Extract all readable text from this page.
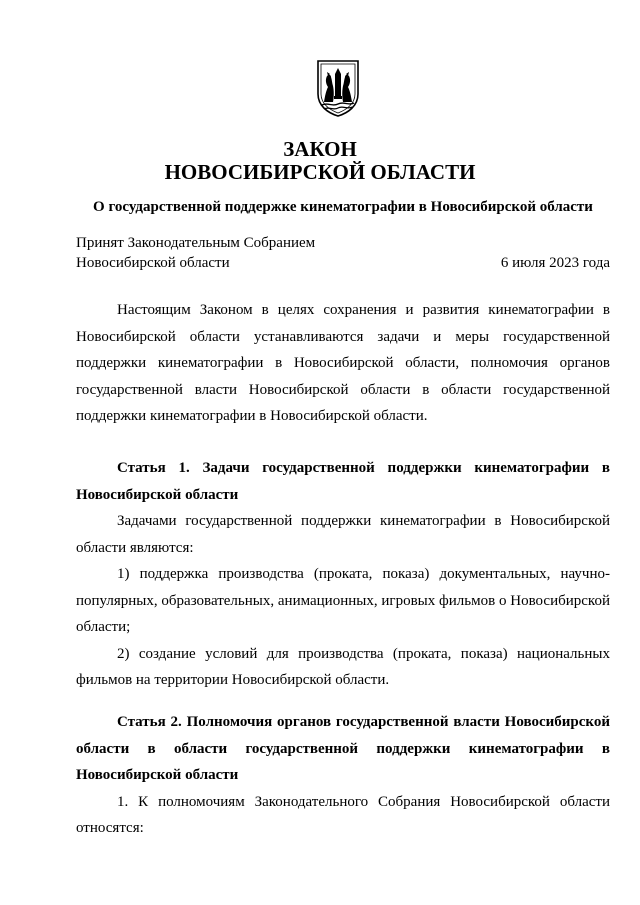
ЗАКОН
НОВОСИБИРСКОЙ ОБЛАСТИ

О государственной поддержке кинематографии в Новосибирской области

Принят Законодательным Собранием
Новосибирской области	6 июля 2023 года

Настоящим Законом в целях сохранения и развития кинематографии в Новосибирской области устанавливаются задачи и меры государственной поддержки кинематографии в Новосибирской области, полномочия органов государственной власти Новосибирской области в области государственной поддержки кинематографии в Новосибирской области.

Статья 1. Задачи государственной поддержки кинематографии в Новосибирской области

Задачами государственной поддержки кинематографии в Новосибирской области являются:

1) поддержка производства (проката, показа) документальных, научно-популярных, образовательных, анимационных, игровых фильмов о Новосибирской области;

2) создание условий для производства (проката, показа) национальных фильмов на территории Новосибирской области.

Статья 2. Полномочия органов государственной власти Новосибирской области в области государственной поддержки кинематографии в Новосибирской области

1. К полномочиям Законодательного Собрания Новосибирской области относятся:
